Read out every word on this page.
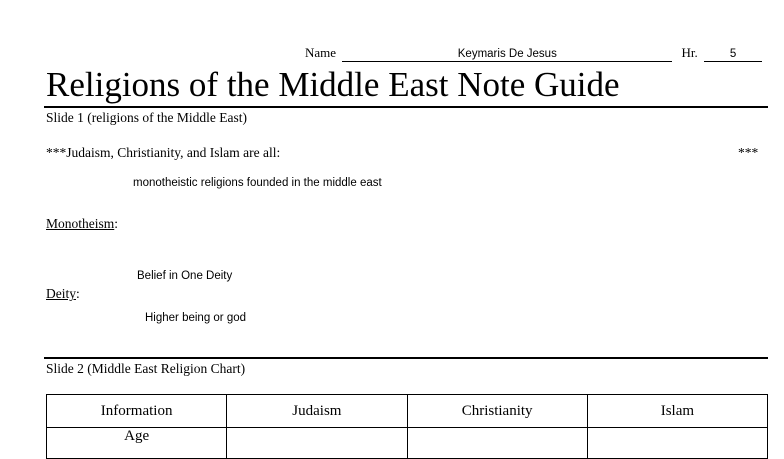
Name	Keymaris De Jesus	Hr.	5
Religions of the Middle East Note Guide
Slide 1 (religions of the Middle East)
***Judaism, Christianity, and Islam are all:	***
monotheistic religions founded in the middle east
Monotheism:
Belief in One Deity
Deity:
Higher being or god
Slide 2 (Middle East Religion Chart)
Information	Judaism	Christianity	Islam
Age			
